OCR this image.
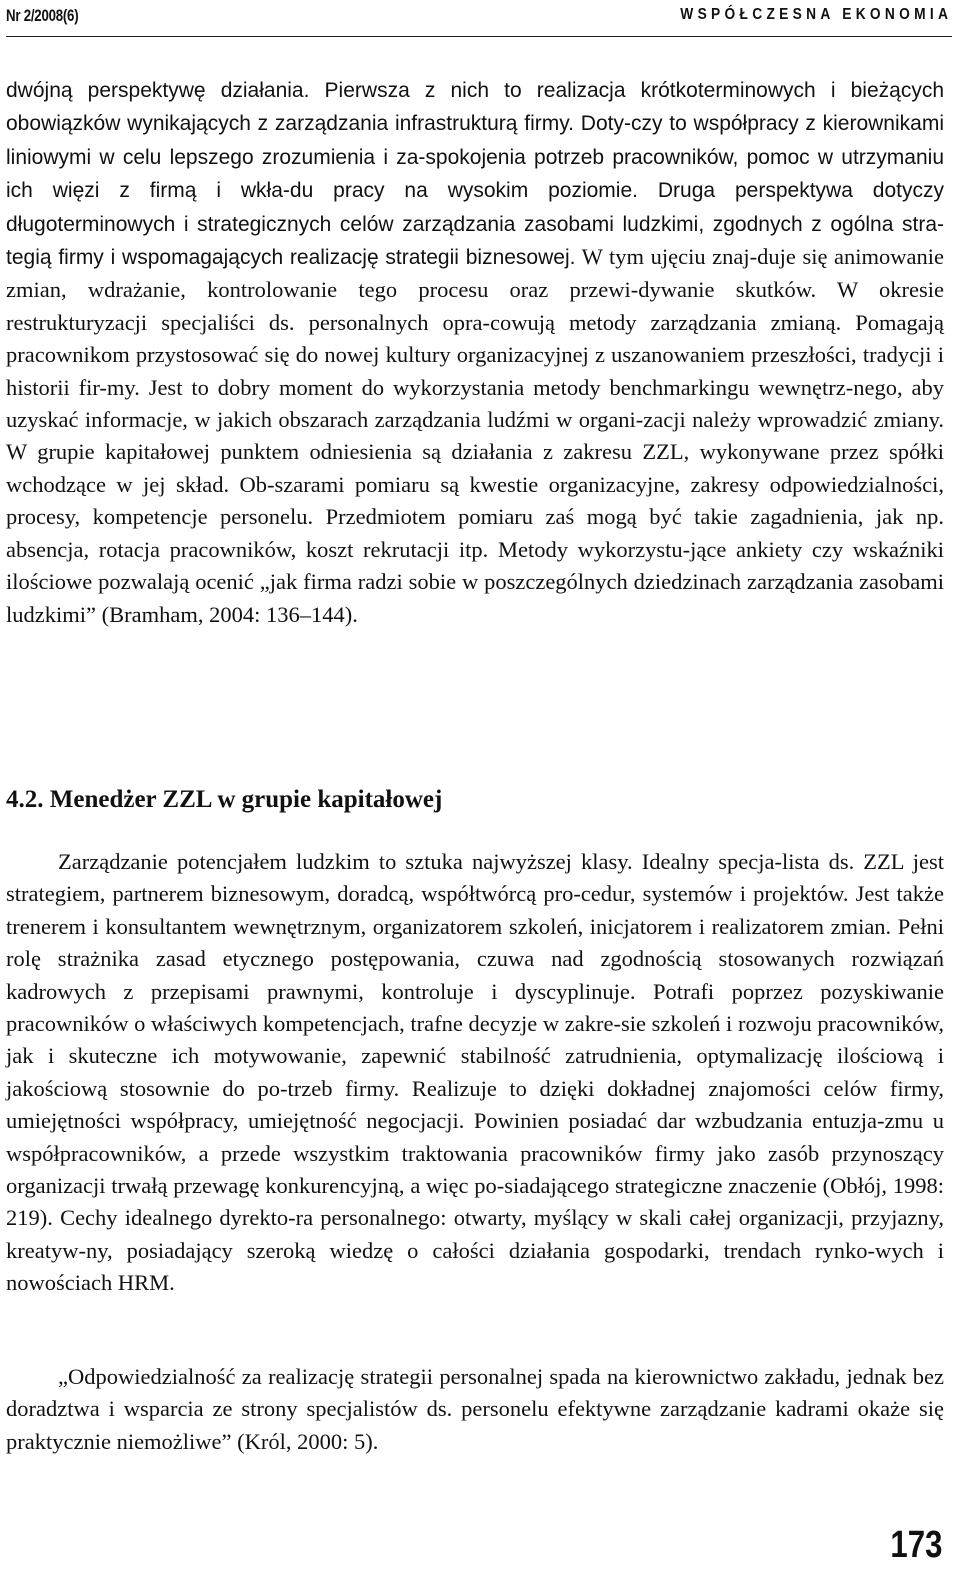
Nr 2/2008(6)	WSPÓŁCZESNA EKONOMIA
dwójną perspektywę działania. Pierwsza z nich to realizacja krótkoterminowych i bieżących obowiązków wynikających z zarządzania infrastrukturą firmy. Doty-czy to współpracy z kierownikami liniowymi w celu lepszego zrozumienia i za-spokojenia potrzeb pracowników, pomoc w utrzymaniu ich więzi z firmą i wkła-du pracy na wysokim poziomie. Druga perspektywa dotyczy długoterminowych i strategicznych celów zarządzania zasobami ludzkimi, zgodnych z ogólna stra-tegią firmy i wspomagających realizację strategii biznesowej. W tym ujęciu znaj-duje się animowanie zmian, wdrażanie, kontrolowanie tego procesu oraz przewi-dywanie skutków. W okresie restrukturyzacji specjaliści ds. personalnych opra-cowują metody zarządzania zmianą. Pomagają pracownikom przystosować się do nowej kultury organizacyjnej z uszanowaniem przeszłości, tradycji i historii fir-my. Jest to dobry moment do wykorzystania metody benchmarkingu wewnętrz-nego, aby uzyskać informacje, w jakich obszarach zarządzania ludźmi w organi-zacji należy wprowadzić zmiany. W grupie kapitałowej punktem odniesienia są działania z zakresu ZZL, wykonywane przez spółki wchodzące w jej skład. Ob-szarami pomiaru są kwestie organizacyjne, zakresy odpowiedzialności, procesy, kompetencje personelu. Przedmiotem pomiaru zaś mogą być takie zagadnienia, jak np. absencja, rotacja pracowników, koszt rekrutacji itp. Metody wykorzystu-jące ankiety czy wskaźniki ilościowe pozwalają ocenić „jak firma radzi sobie w poszczególnych dziedzinach zarządzania zasobami ludzkimi” (Bramham, 2004: 136–144).
4.2. Menedżer ZZL w grupie kapitałowej
Zarządzanie potencjałem ludzkim to sztuka najwyższej klasy. Idealny specja-lista ds. ZZL jest strategiem, partnerem biznesowym, doradcą, współtwórcą pro-cedur, systemów i projektów. Jest także trenerem i konsultantem wewnętrznym, organizatorem szkoleń, inicjatorem i realizatorem zmian. Pełni rolę strażnika zasad etycznego postępowania, czuwa nad zgodnością stosowanych rozwiązań kadrowych z przepisami prawnymi, kontroluje i dyscyplinuje. Potrafi poprzez pozyskiwanie pracowników o właściwych kompetencjach, trafne decyzje w zakre-sie szkoleń i rozwoju pracowników, jak i skuteczne ich motywowanie, zapewnić stabilność zatrudnienia, optymalizację ilościową i jakościową stosownie do po-trzeb firmy. Realizuje to dzięki dokładnej znajomości celów firmy, umiejętności współpracy, umiejętność negocjacji. Powinien posiadać dar wzbudzania entuzja-zmu u współpracowników, a przede wszystkim traktowania pracowników firmy jako zasób przynoszący organizacji trwałą przewagę konkurencyjną, a więc po-siadającego strategiczne znaczenie (Obłój, 1998: 219). Cechy idealnego dyrekto-ra personalnego: otwarty, myślący w skali całej organizacji, przyjazny, kreatyw-ny, posiadający szeroką wiedzę o całości działania gospodarki, trendach rynko-wych i nowościach HRM.
„Odpowiedzialność za realizację strategii personalnej spada na kierownictwo zakładu, jednak bez doradztwa i wsparcia ze strony specjalistów ds. personelu efektywne zarządzanie kadrami okaże się praktycznie niemożliwe” (Król, 2000: 5).
173
